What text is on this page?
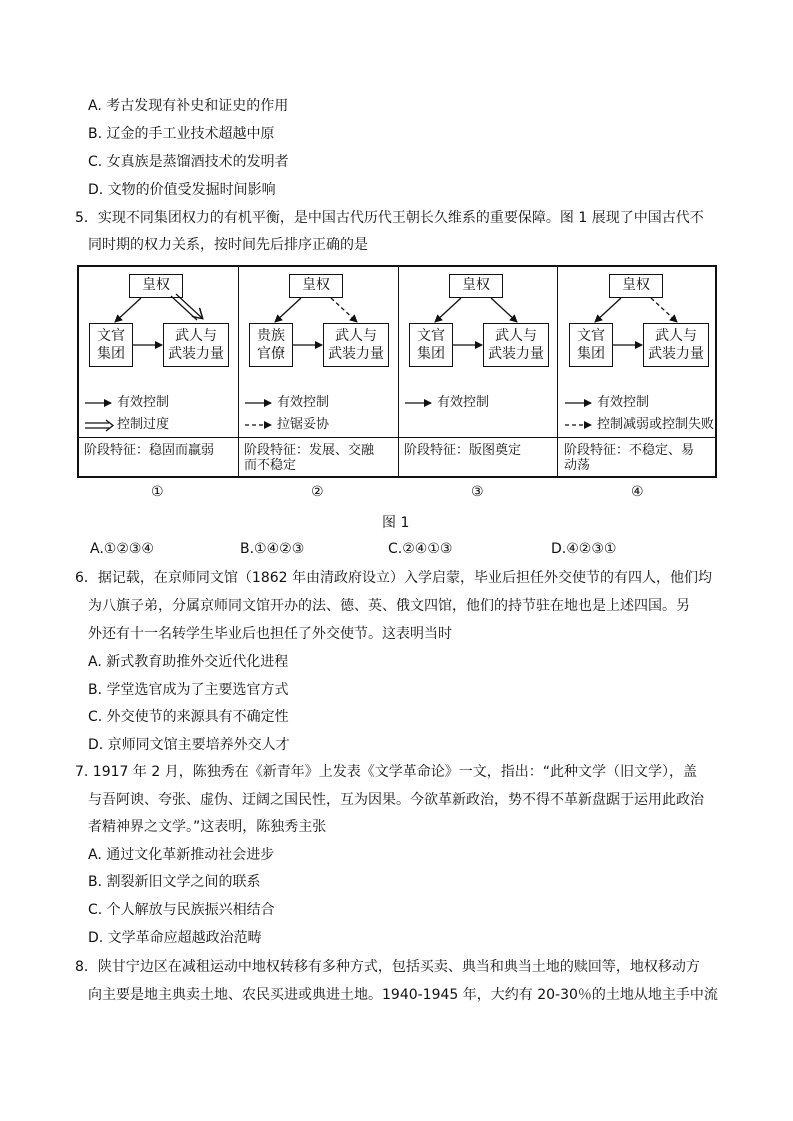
A. 考古发现有补史和证史的作用
B. 辽金的手工业技术超越中原
C. 女真族是蒸馏酒技术的发明者
D. 文物的价值受发掘时间影响
5．实现不同集团权力的有机平衡，是中国古代历代王朝长久维系的重要保障。图 1 展现了中国古代不
同时期的权力关系，按时间先后排序正确的是
皇权
文官
集团
武人与
武装力量
有效控制
控制过度
阶段特征：稳固而羸弱
皇权
贵族
官僚
武人与
武装力量
有效控制
拉锯妥协
阶段特征：发展、交融
而不稳定
皇权
文官
集团
武人与
武装力量
有效控制
阶段特征：版图奠定
皇权
文官
集团
武人与
武装力量
有效控制
控制减弱或控制失败
阶段特征：不稳定、易
动荡
①	②	③	④
图 1
A.①②③④	B.①④②③	C.②④①③	D.④②③①
6．据记载，在京师同文馆（1862 年由清政府设立）入学启蒙，毕业后担任外交使节的有四人，他们均
为八旗子弟，分属京师同文馆开办的法、德、英、俄文四馆，他们的持节驻在地也是上述四国。另
外还有十一名转学生毕业后也担任了外交使节。这表明当时
A. 新式教育助推外交近代化进程
B. 学堂选官成为了主要选官方式
C. 外交使节的来源具有不确定性
D. 京师同文馆主要培养外交人才
7. 1917 年 2 月，陈独秀在《新青年》上发表《文学革命论》一文，指出：“此种文学（旧文学），盖
与吾阿谀、夸张、虚伪、迂阔之国民性，互为因果。今欲革新政治，势不得不革新盘踞于运用此政治
者精神界之文学。”这表明，陈独秀主张
A. 通过文化革新推动社会进步
B. 割裂新旧文学之间的联系
C. 个人解放与民族振兴相结合
D. 文学革命应超越政治范畴
8．陕甘宁边区在减租运动中地权转移有多种方式，包括买卖、典当和典当土地的赎回等，地权移动方
向主要是地主典卖土地、农民买进或典进土地。1940-1945 年，大约有 20-30％的土地从地主手中流
